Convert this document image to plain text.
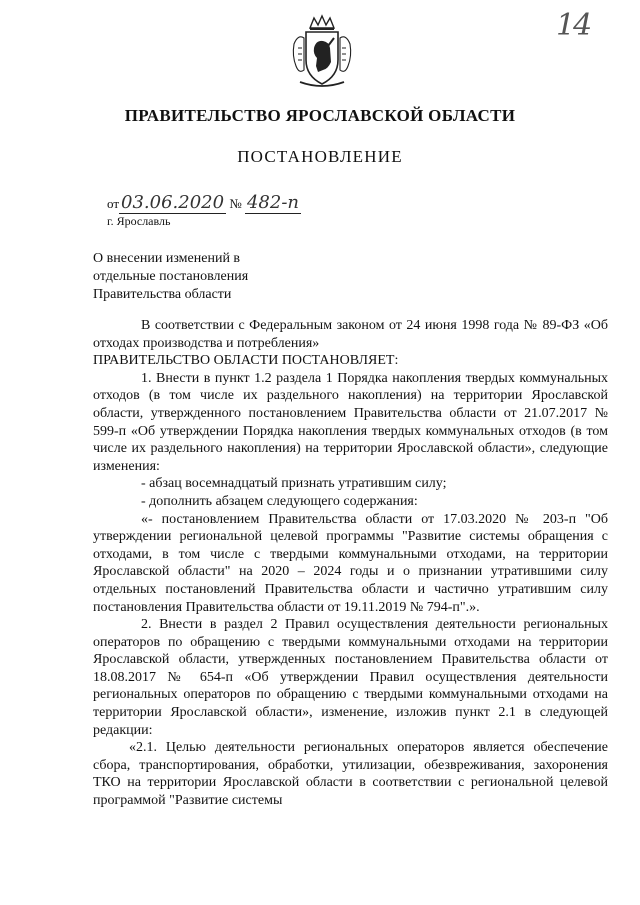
14
ПРАВИТЕЛЬСТВО ЯРОСЛАВСКОЙ ОБЛАСТИ
ПОСТАНОВЛЕНИЕ
от 03.06.2020 № 482-п
г. Ярославль
О внесении изменений в
отдельные постановления
Правительства области

В соответствии с Федеральным законом от 24 июня 1998 года № 89-ФЗ «Об отходах производства и потребления»

ПРАВИТЕЛЬСТВО ОБЛАСТИ ПОСТАНОВЛЯЕТ:

1. Внести в пункт 1.2 раздела 1 Порядка накопления твердых коммунальных отходов (в том числе их раздельного накопления) на территории Ярославской области, утвержденного постановлением Правительства области от 21.07.2017 № 599-п «Об утверждении Порядка накопления твердых коммунальных отходов (в том числе их раздельного накопления) на территории Ярославской области», следующие изменения:

- абзац восемнадцатый признать утратившим силу;

- дополнить абзацем следующего содержания:

«- постановлением Правительства области от 17.03.2020 № 203-п "Об утверждении региональной целевой программы "Развитие системы обращения с отходами, в том числе с твердыми коммунальными отходами, на территории Ярославской области" на 2020 – 2024 годы и о признании утратившими силу отдельных постановлений Правительства области и частично утратившим силу постановления Правительства области от 19.11.2019 № 794-п".».

2. Внести в раздел 2 Правил осуществления деятельности региональных операторов по обращению с твердыми коммунальными отходами на территории Ярославской области, утвержденных постановлением Правительства области от 18.08.2017 № 654-п «Об утверждении Правил осуществления деятельности региональных операторов по обращению с твердыми коммунальными отходами на территории Ярославской области», изменение, изложив пункт 2.1 в следующей редакции:

«2.1. Целью деятельности региональных операторов является обеспечение сбора, транспортирования, обработки, утилизации, обезвреживания, захоронения ТКО на территории Ярославской области в соответствии с региональной целевой программой "Развитие системы
